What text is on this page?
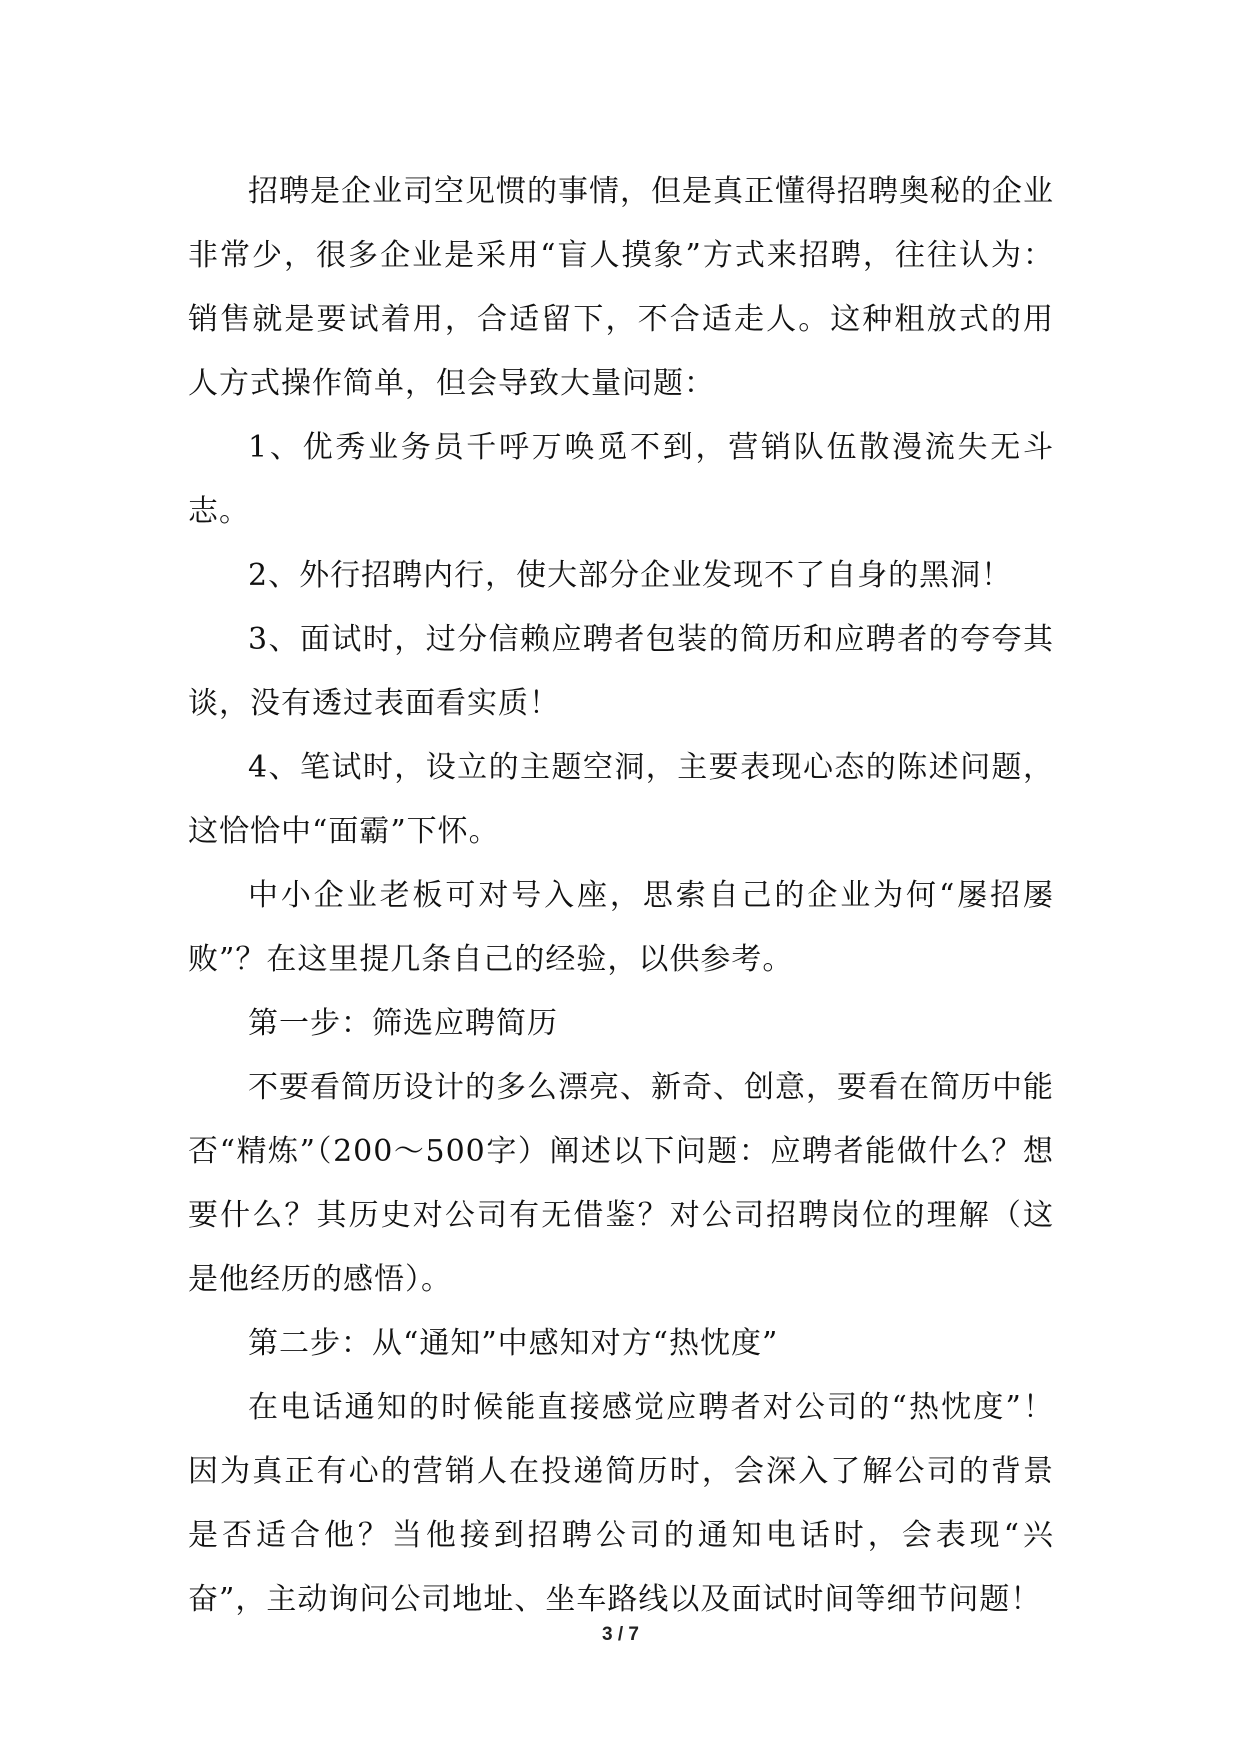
招聘是企业司空见惯的事情，但是真正懂得招聘奥秘的企业非常少，很多企业是采用“盲人摸象”方式来招聘，往往认为：销售就是要试着用，合适留下，不合适走人。这种粗放式的用人方式操作简单，但会导致大量问题：

1、优秀业务员千呼万唤觅不到，营销队伍散漫流失无斗志。

2、外行招聘内行，使大部分企业发现不了自身的黑洞！

3、面试时，过分信赖应聘者包装的简历和应聘者的夸夸其谈，没有透过表面看实质！

4、笔试时，设立的主题空洞，主要表现心态的陈述问题，这恰恰中“面霸”下怀。

中小企业老板可对号入座，思索自己的企业为何“屡招屡败”？在这里提几条自己的经验，以供参考。

第一步：筛选应聘简历

不要看简历设计的多么漂亮、新奇、创意，要看在简历中能否“精炼”（200～500字）阐述以下问题：应聘者能做什么？想要什么？其历史对公司有无借鉴？对公司招聘岗位的理解（这是他经历的感悟）。

第二步：从“通知”中感知对方“热忱度”

在电话通知的时候能直接感觉应聘者对公司的“热忱度”！因为真正有心的营销人在投递简历时，会深入了解公司的背景是否适合他？当他接到招聘公司的通知电话时，会表现“兴奋”，主动询问公司地址、坐车路线以及面试时间等细节问题！

3 / 7
